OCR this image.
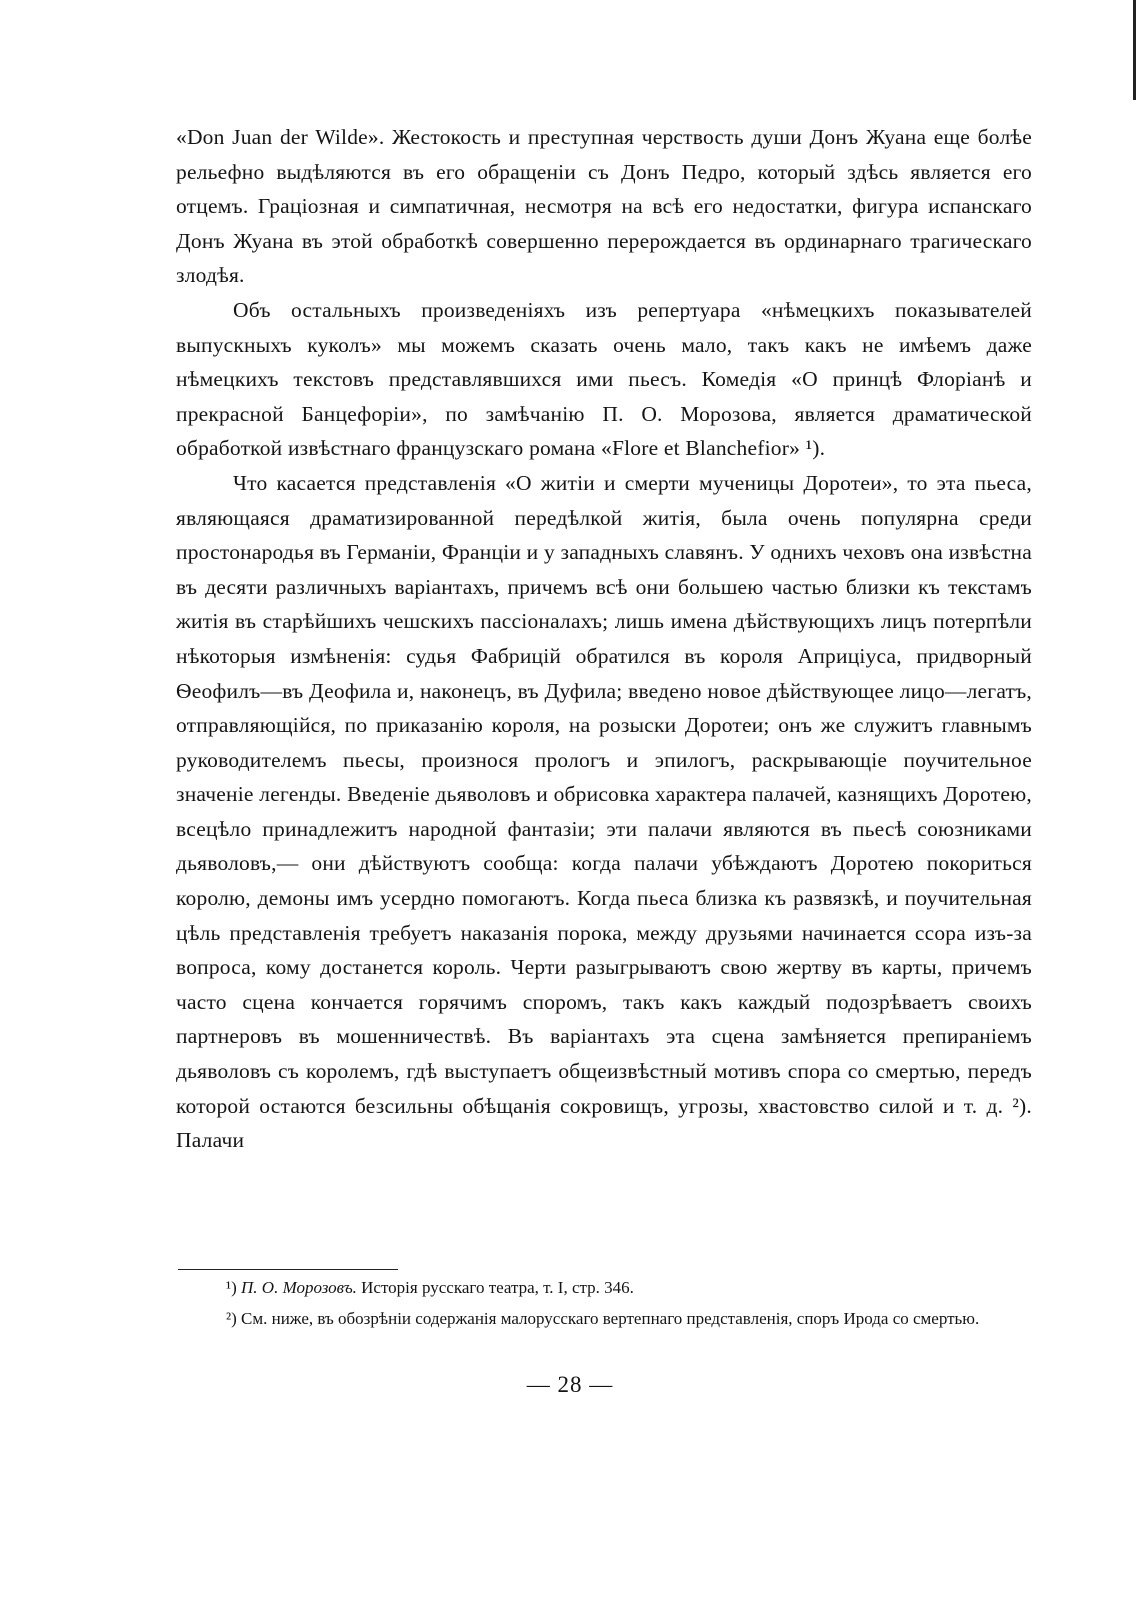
«Don Juan der Wilde». Жестокость и преступная черствость души Донъ Жуана еще болѣе рельефно выдѣляются въ его обращеніи съ Донъ Педро, который здѣсь является его отцемъ. Граціозная и симпатичная, несмотря на всѣ его недостатки, фигура испанскаго Донъ Жуана въ этой обработкѣ совершенно перерождается въ ординарнаго трагическаго злодѣя.

Объ остальныхъ произведеніяхъ изъ репертуара «нѣмецкихъ показывателей выпускныхъ куколъ» мы можемъ сказать очень мало, такъ какъ не имѣемъ даже нѣмецкихъ текстовъ представлявшихся ими пьесъ. Комедія «О принцѣ Флоріанѣ и прекрасной Банцефоріи», по замѣчанію П. О. Морозова, является драматической обработкой извѣстнаго французскаго романа «Flore et Blanchefior» ¹).

Что касается представленія «О житіи и смерти мученицы Доротеи», то эта пьеса, являющаяся драматизированной передѣлкой житія, была очень популярна среди простонародья въ Германіи, Франціи и у западныхъ славянъ. У однихъ чеховъ она извѣстна въ десяти различныхъ варіантахъ, причемъ всѣ они большею частью близки къ текстамъ житія въ старѣйшихъ чешскихъ пассіоналахъ; лишь имена дѣйствующихъ лицъ потерпѣли нѣкоторыя измѣненія: судья Фабрицій обратился въ короля Априціуса, придворный Ѳеофилъ—въ Деофила и, наконецъ, въ Дуфила; введено новое дѣйствующее лицо—легатъ, отправляющійся, по приказанію короля, на розыски Доротеи; онъ же служитъ главнымъ руководителемъ пьесы, произнося прологъ и эпилогъ, раскрывающіе поучительное значеніе легенды. Введеніе дьяволовъ и обрисовка характера палачей, казнящихъ Доротею, всецѣло принадлежитъ народной фантазіи; эти палачи являются въ пьесѣ союзниками дьяволовъ,— они дѣйствуютъ сообща: когда палачи убѣждаютъ Доротею покориться королю, демоны имъ усердно помогаютъ. Когда пьеса близка къ развязкѣ, и поучительная цѣль представленія требуетъ наказанія порока, между друзьями начинается ссора изъ-за вопроса, кому достанется король. Черти разыгрываютъ свою жертву въ карты, причемъ часто сцена кончается горячимъ споромъ, такъ какъ каждый подозрѣваетъ своихъ партнеровъ въ мошенничествѣ. Въ варіантахъ эта сцена замѣняется препираніемъ дьяволовъ съ королемъ, гдѣ выступаетъ общеизвѣстный мотивъ спора со смертью, передъ которой остаются безсильны обѣщанія сокровищъ, угрозы, хвастовство силой и т. д. ²). Палачи

¹) П. О. Морозовъ. Исторія русскаго театра, т. I, стр. 346.

²) См. ниже, въ обозрѣніи содержанія малорусскаго вертепнаго представленія, споръ Ирода со смертью.

— 28 —
